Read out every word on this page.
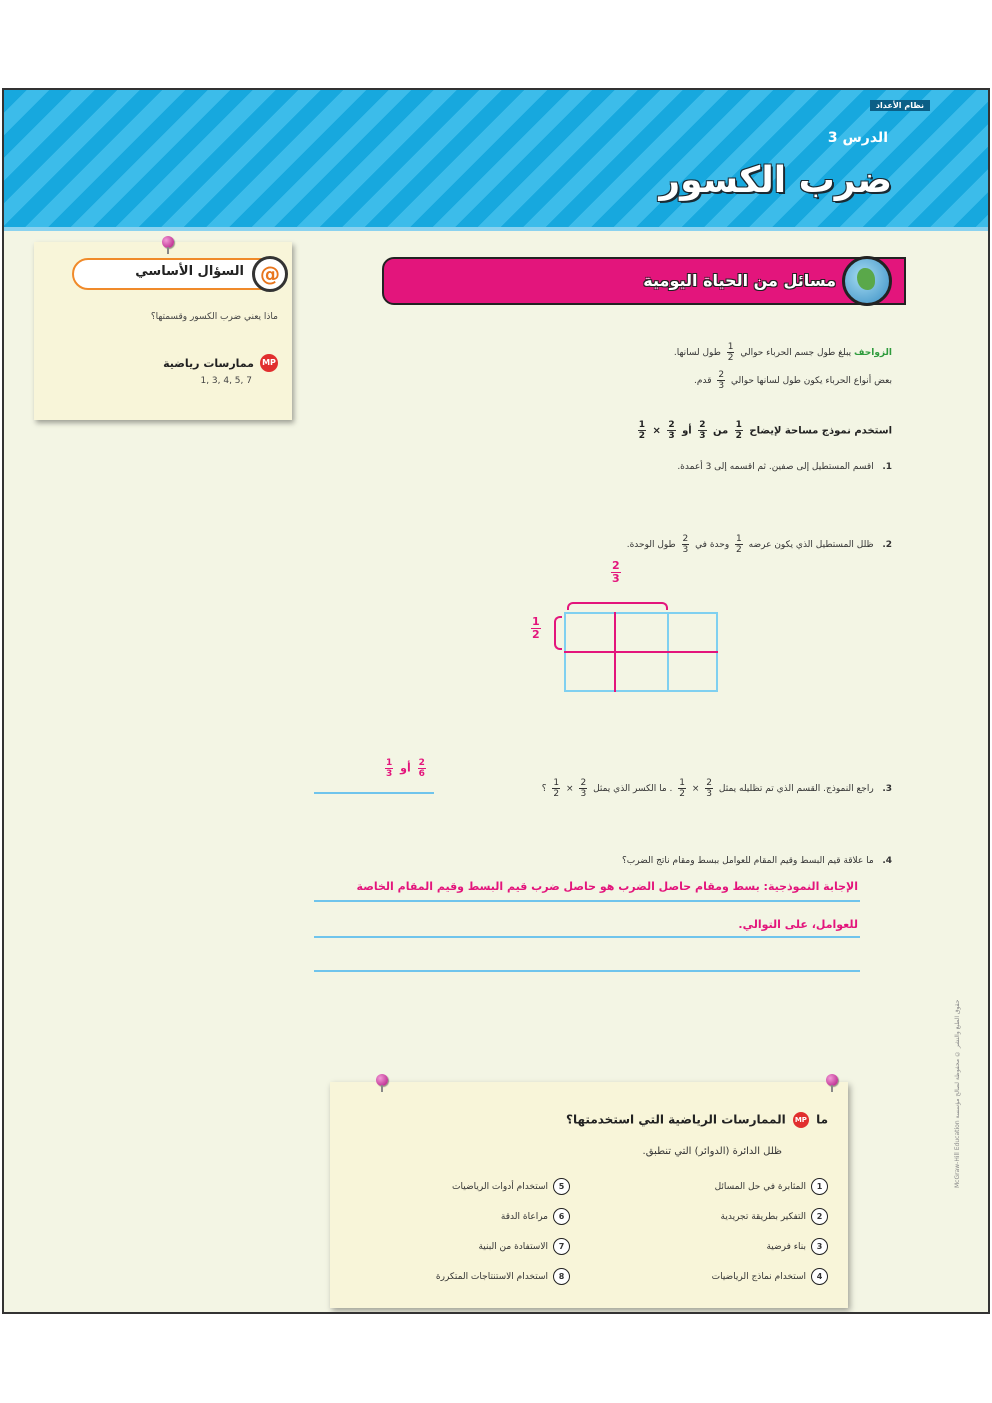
نظام الأعداد
الدرس 3
ضرب الكسور
@
السؤال الأساسي
ماذا يعني ضرب الكسور وقسمتها؟
MP
ممارسات رياضية
1, 3, 4, 5, 7
مسائل من الحياة اليومية
الزواحف يبلغ طول جسم الحرباء حوالي
$\frac{1}{2}$
طول لسانها.
بعض أنواع الحرباء يكون طول لسانها حوالي
$\frac{2}{3}$
قدم.
استخدم نموذج مساحة لإيضاح
$\frac{1}{2}$
من
$\frac{2}{3}$
أو
$\frac{2}{3}$
×
$\frac{1}{2}$
1.   اقسم المستطيل إلى صفين. ثم اقسمه إلى 3 أعمدة.
2.   ظلل المستطيل الذي يكون عرضه
$\frac{1}{2}$
وحدة في
$\frac{2}{3}$
طول الوحدة.
$\frac{2}{3}$
$\frac{1}{2}$
3.   راجع النموذج. القسم الذي تم تظليله يمثل
$\frac{2}{3}$
×
$\frac{1}{2}$
. ما الكسر الذي يمثل
$\frac{2}{3}$
×
$\frac{1}{2}$
؟
$\frac{2}{6}$
أو
$\frac{1}{3}$
4.   ما علاقة قيم البسط وقيم المقام للعوامل ببسط ومقام ناتج الضرب؟
الإجابة النموذجية: بسط ومقام حاصل الضرب هو حاصل ضرب قيم البسط وقيم المقام الخاصة
للعوامل، على التوالي.
ما MP الممارسات الرياضية التي استخدمتها؟
ظلل الدائرة (الدوائر) التي تنطبق.
1المثابرة في حل المسائل
2التفكير بطريقة تجريدية
3بناء فرضية
4استخدام نماذج الرياضيات
5استخدام أدوات الرياضيات
6مراعاة الدقة
7الاستفادة من البنية
8استخدام الاستنتاجات المتكررة
حقوق الطبع والنشر © محفوظة لصالح مؤسسة McGraw-Hill Education
